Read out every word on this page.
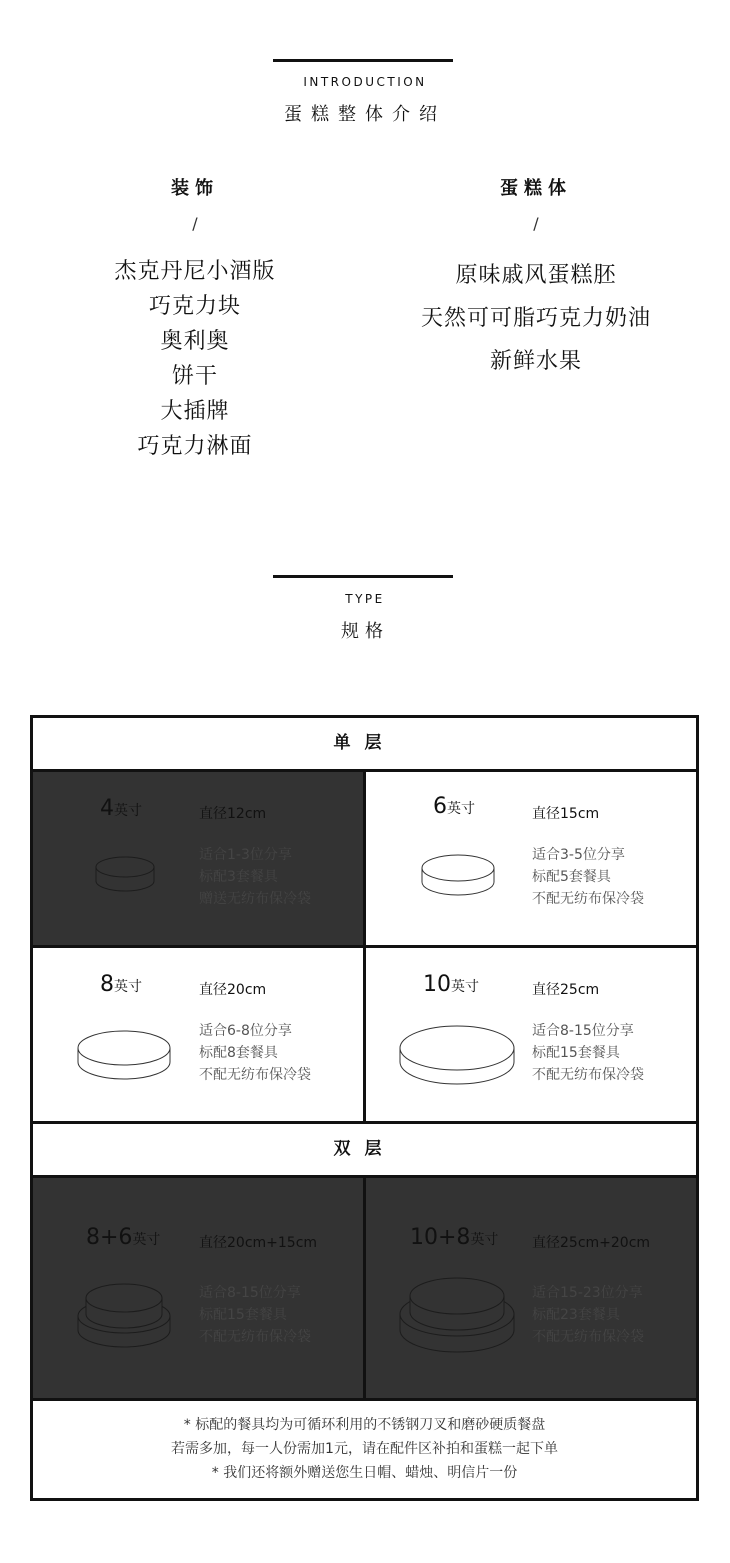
INTRODUCTION
蛋糕整体介绍
装饰
/
杰克丹尼小酒版
巧克力块
奥利奥
饼干
大插牌
巧克力淋面
蛋糕体
/
原味戚风蛋糕胚
天然可可脂巧克力奶油
新鲜水果
TYPE
规格
单层
4英寸	直径12cm
适合1-3位分享
标配3套餐具
赠送无纺布保冷袋
6英寸	直径15cm
适合3-5位分享
标配5套餐具
不配无纺布保冷袋
8英寸	直径20cm
适合6-8位分享
标配8套餐具
不配无纺布保冷袋
10英寸	直径25cm
适合8-15位分享
标配15套餐具
不配无纺布保冷袋
双层
8+6英寸	直径20cm+15cm
适合8-15位分享
标配15套餐具
不配无纺布保冷袋
10+8英寸 直径25cm+20cm
适合15-23位分享
标配23套餐具
不配无纺布保冷袋
* 标配的餐具均为可循环利用的不锈钢刀叉和磨砂硬质餐盘
若需多加，每一人份需加1元，请在配件区补拍和蛋糕一起下单
* 我们还将额外赠送您生日帽、蜡烛、明信片一份
